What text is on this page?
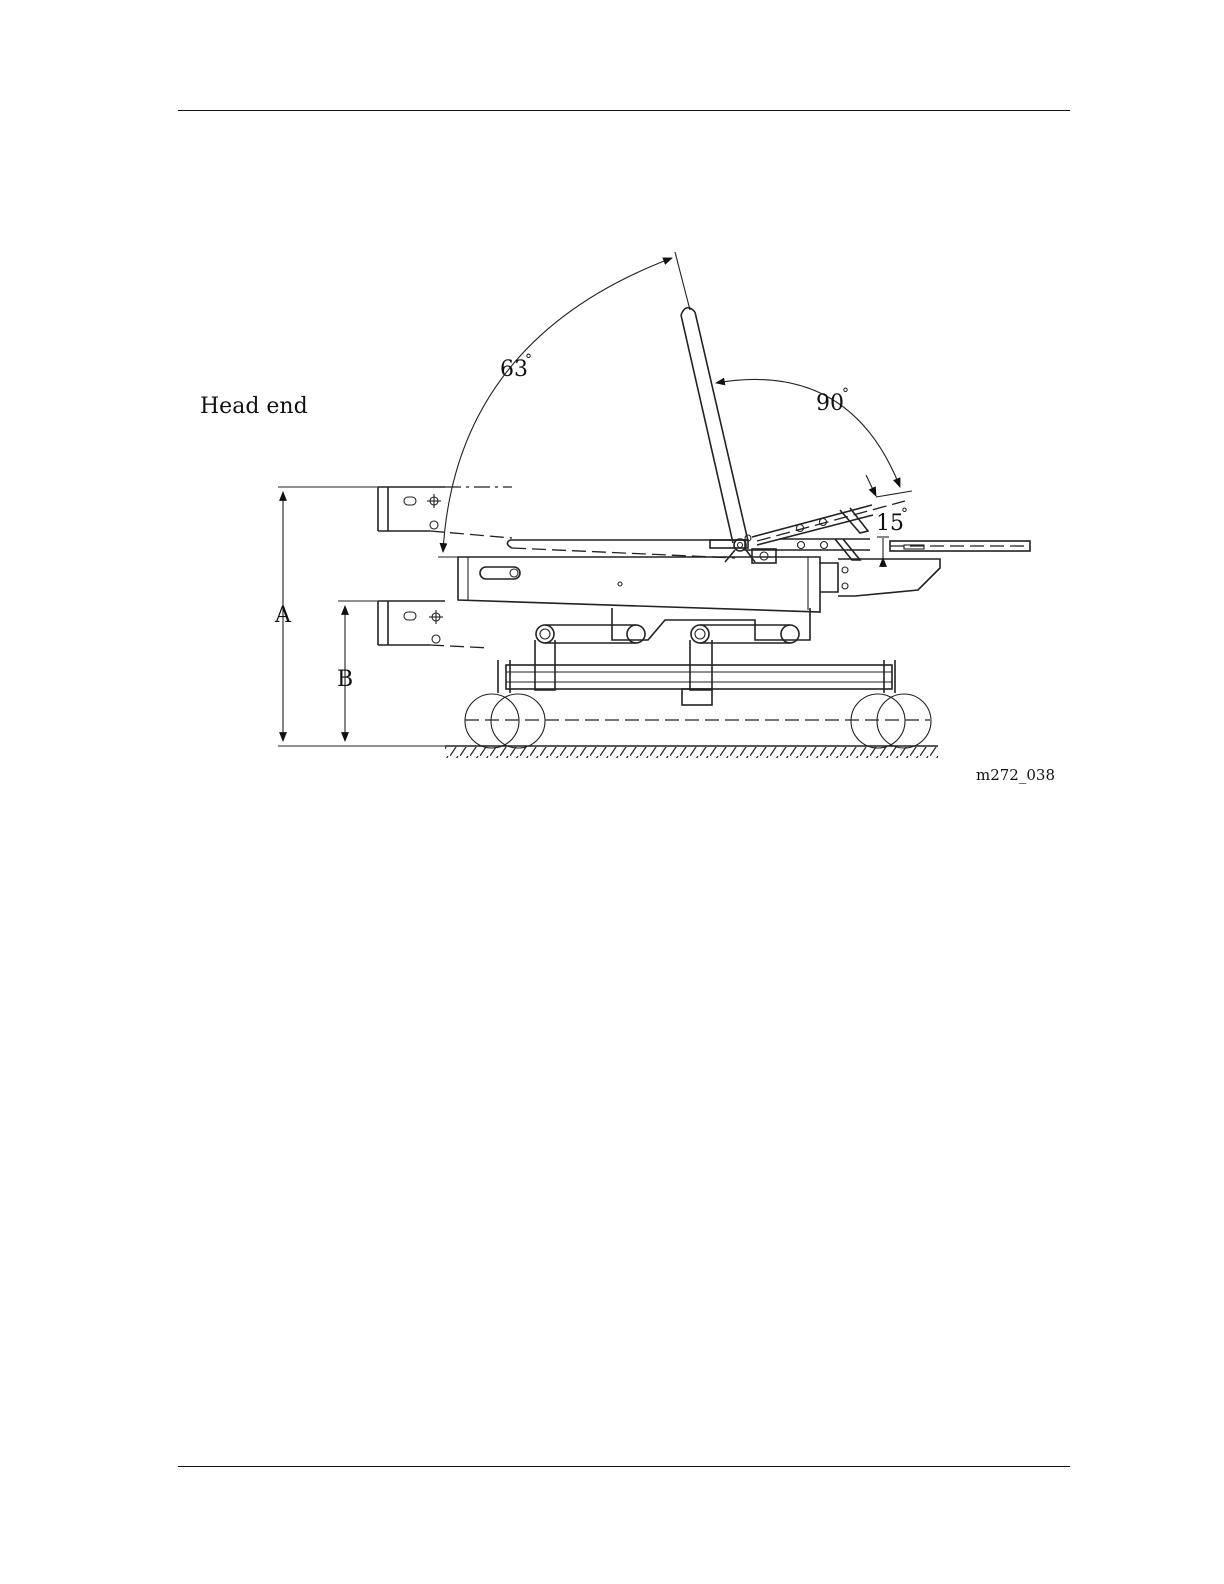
Head end
63
°
90
°
15
°
A
B
m272_038
